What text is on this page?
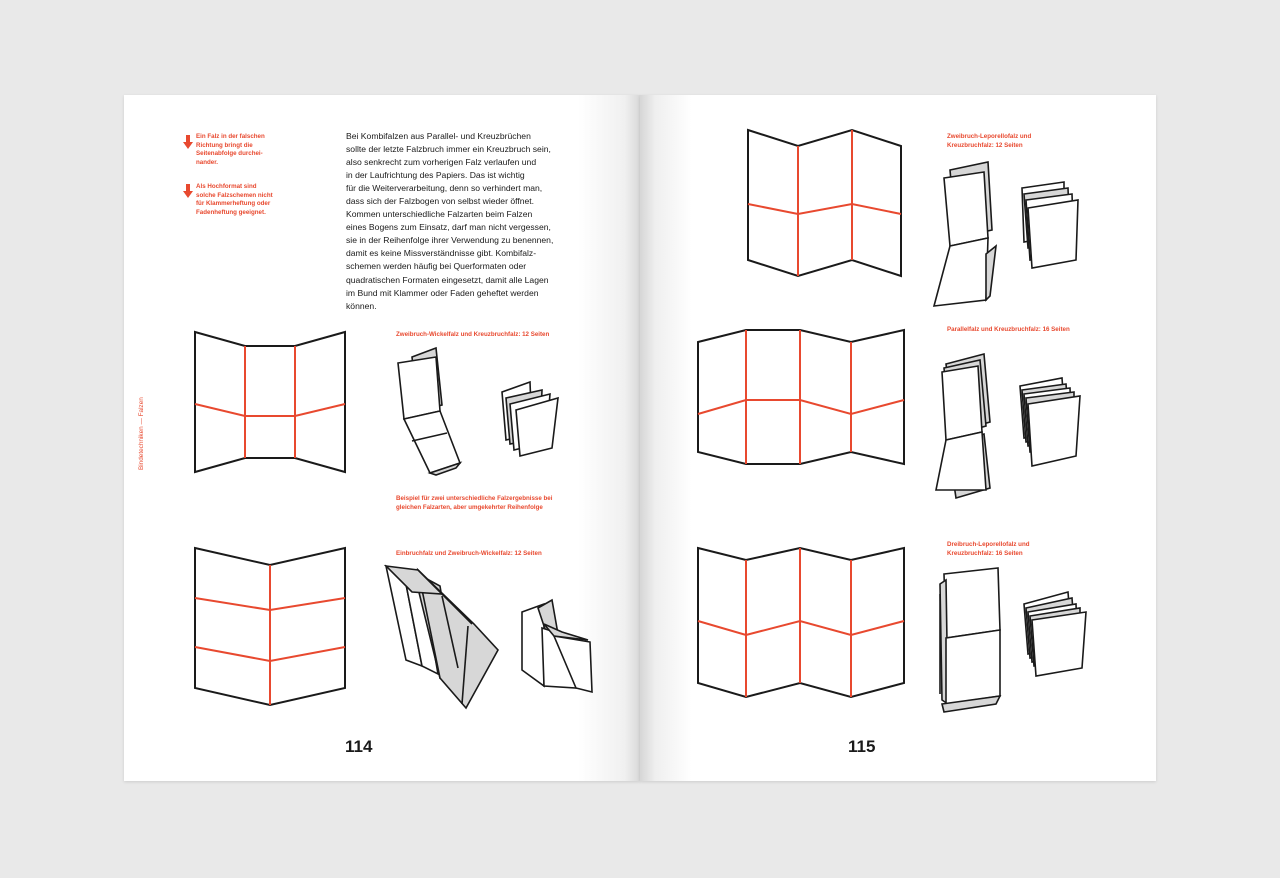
Ein Falz in der falschen
Richtung bringt die
Seitenabfolge durchei-
nander.

Als Hochformat sind
solche Falzschemen nicht
für Klammerheftung oder
Fadenheftung geeignet.

Bei Kombifalzen aus Parallel- und Kreuzbrüchen
sollte der letzte Falzbruch immer ein Kreuzbruch sein,
also senkrecht zum vorherigen Falz verlaufen und
in der Laufrichtung des Papiers. Das ist wichtig
für die Weiterverarbeitung, denn so verhindert man,
dass sich der Falzbogen von selbst wieder öffnet.
Kommen unterschiedliche Falzarten beim Falzen
eines Bogens zum Einsatz, darf man nicht vergessen,
sie in der Reihenfolge ihrer Verwendung zu benennen,
damit es keine Missverständnisse gibt. Kombifalz-
schemen werden häufig bei Querformaten oder
quadratischen Formaten eingesetzt, damit alle Lagen
im Bund mit Klammer oder Faden geheftet werden
können.

Bindetechniken — Falzen

Zweibruch-Wickelfalz und Kreuzbruchfalz: 12 Seiten

Beispiel für zwei unterschiedliche Falzergebnisse bei
gleichen Falzarten, aber umgekehrter Reihenfolge

Einbruchfalz und Zweibruch-Wickelfalz: 12 Seiten

114

Zweibruch-Leporellofalz und
Kreuzbruchfalz: 12 Seiten

Parallelfalz und Kreuzbruchfalz: 16 Seiten

Dreibruch-Leporellofalz und
Kreuzbruchfalz: 16 Seiten

115
